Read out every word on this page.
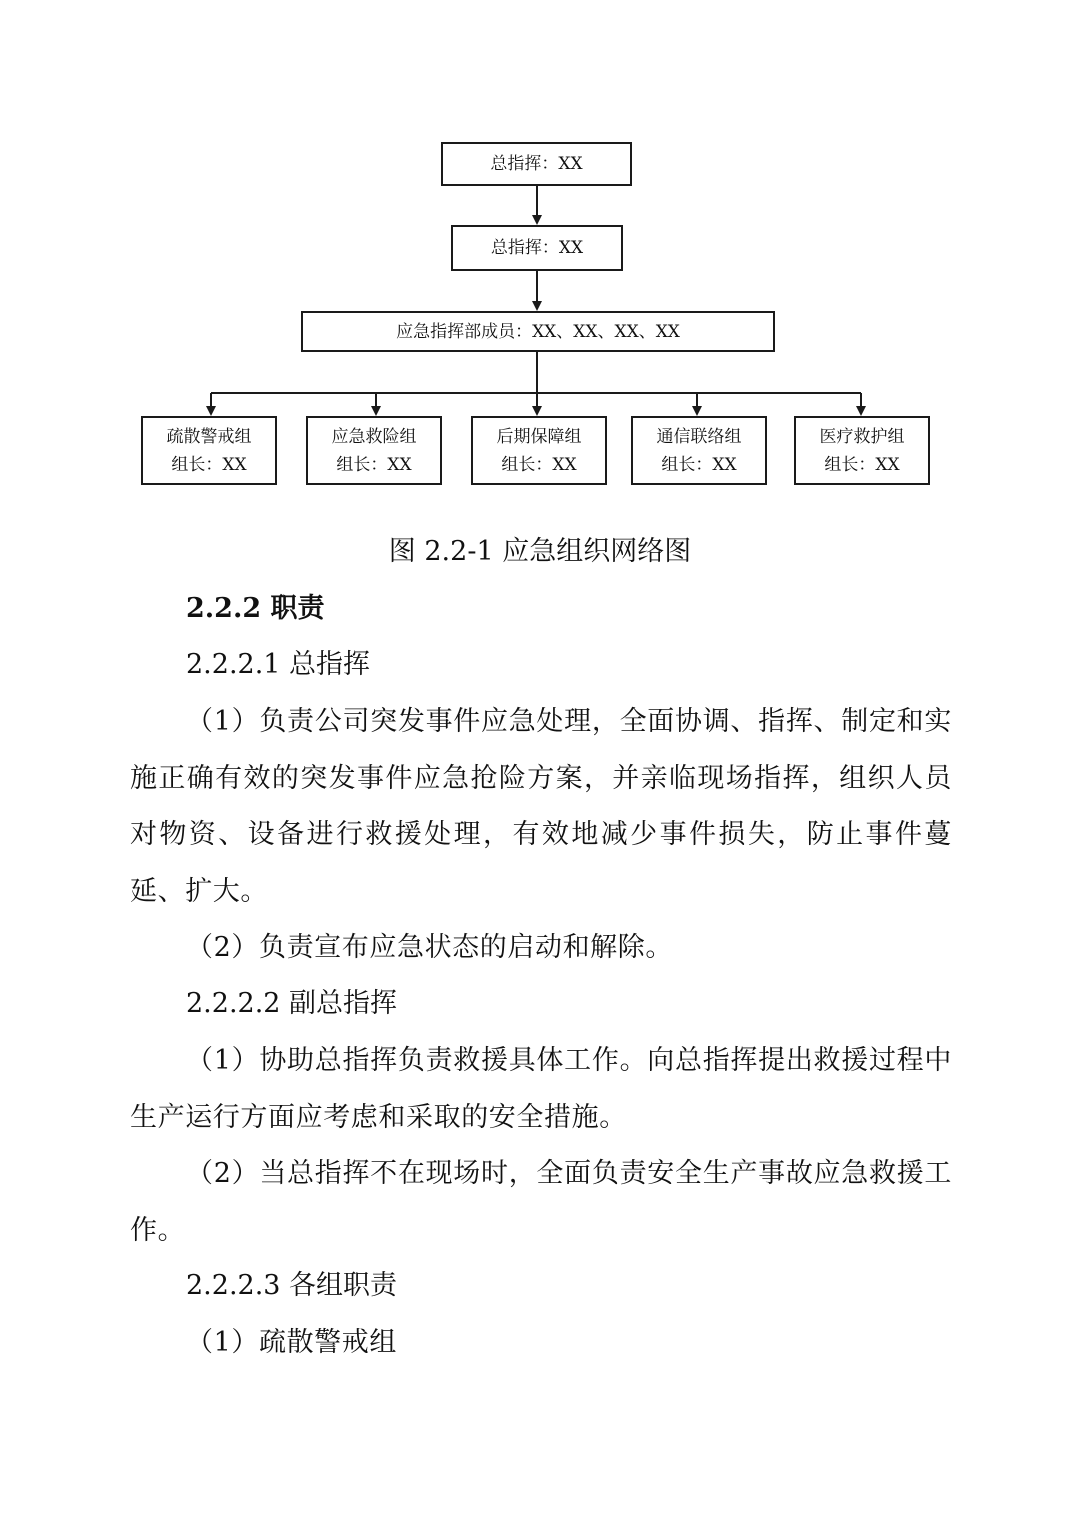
总指挥：XX
总指挥：XX
应急指挥部成员：XX、XX、XX、XX
疏散警戒组
组长：XX
应急救险组
组长：XX
后期保障组
组长：XX
通信联络组
组长：XX
医疗救护组
组长：XX
图 2.2-1 应急组织网络图
2.2.2 职责
2.2.2.1 总指挥

（1）负责公司突发事件应急处理，全面协调、指挥、制定和实施正确有效的突发事件应急抢险方案，并亲临现场指挥，组织人员对物资、设备进行救援处理，有效地减少事件损失，防止事件蔓延、扩大。

（2）负责宣布应急状态的启动和解除。

2.2.2.2 副总指挥

（1）协助总指挥负责救援具体工作。向总指挥提出救援过程中生产运行方面应考虑和采取的安全措施。

（2）当总指挥不在现场时，全面负责安全生产事故应急救援工作。

2.2.2.3 各组职责

（1）疏散警戒组
